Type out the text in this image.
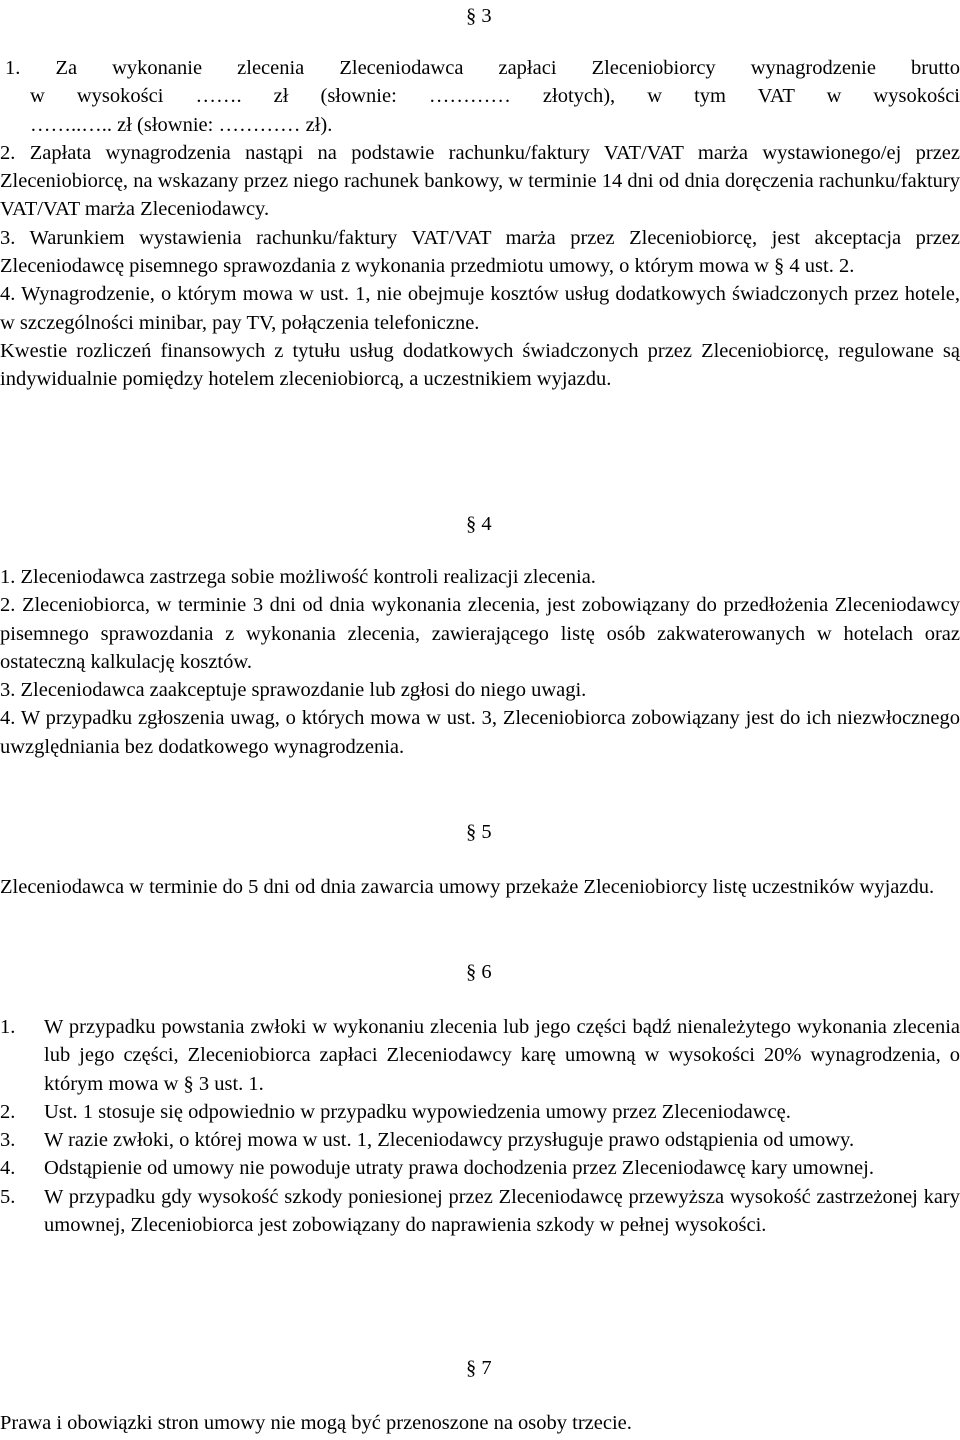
§ 3

1. Za wykonanie zlecenia Zleceniodawca zapłaci Zleceniobiorcy wynagrodzenie brutto

w wysokości ……. zł (słownie: ………… złotych), w tym VAT w wysokości

……..….. zł (słownie: ………… zł).

2. Zapłata wynagrodzenia nastąpi na podstawie rachunku/faktury VAT/VAT marża wystawionego/ej przez Zleceniobiorcę, na wskazany przez niego rachunek bankowy, w terminie 14 dni od dnia doręczenia rachunku/faktury VAT/VAT marża Zleceniodawcy.

3. Warunkiem wystawienia rachunku/faktury VAT/VAT marża przez Zleceniobiorcę, jest akceptacja przez Zleceniodawcę pisemnego sprawozdania z wykonania przedmiotu umowy, o którym mowa w § 4 ust. 2.

4. Wynagrodzenie, o którym mowa w ust. 1, nie obejmuje kosztów usług dodatkowych świadczonych przez hotele, w szczególności minibar, pay TV, połączenia telefoniczne.

Kwestie rozliczeń finansowych z tytułu usług dodatkowych świadczonych przez Zleceniobiorcę, regulowane są indywidualnie pomiędzy hotelem zleceniobiorcą, a uczestnikiem wyjazdu.

§ 4

1. Zleceniodawca zastrzega sobie możliwość kontroli realizacji zlecenia.

2. Zleceniobiorca, w terminie 3 dni od dnia wykonania zlecenia, jest zobowiązany do przedłożenia Zleceniodawcy pisemnego sprawozdania z wykonania zlecenia, zawierającego listę osób zakwaterowanych w hotelach oraz ostateczną kalkulację kosztów.

3. Zleceniodawca zaakceptuje sprawozdanie lub zgłosi do niego uwagi.

4. W przypadku zgłoszenia uwag, o których mowa w ust. 3, Zleceniobiorca zobowiązany jest do ich niezwłocznego uwzględniania bez dodatkowego wynagrodzenia.

§ 5

Zleceniodawca w terminie do 5 dni od dnia zawarcia umowy przekaże Zleceniobiorcy listę uczestników wyjazdu.

§ 6
1. W przypadku powstania zwłoki w wykonaniu zlecenia lub jego części bądź nienależytego wykonania zlecenia lub jego części, Zleceniobiorca zapłaci Zleceniodawcy karę umowną w wysokości 20% wynagrodzenia, o którym mowa w § 3 ust. 1.
2. Ust. 1 stosuje się odpowiednio w przypadku wypowiedzenia umowy przez Zleceniodawcę.
3. W razie zwłoki, o której mowa w ust. 1, Zleceniodawcy przysługuje prawo odstąpienia od umowy.
4. Odstąpienie od umowy nie powoduje utraty prawa dochodzenia przez Zleceniodawcę kary umownej.
5. W przypadku gdy wysokość szkody poniesionej przez Zleceniodawcę przewyższa wysokość zastrzeżonej kary umownej, Zleceniobiorca jest zobowiązany do naprawienia szkody w pełnej wysokości.
§ 7

Prawa i obowiązki stron umowy nie mogą być przenoszone na osoby trzecie.
